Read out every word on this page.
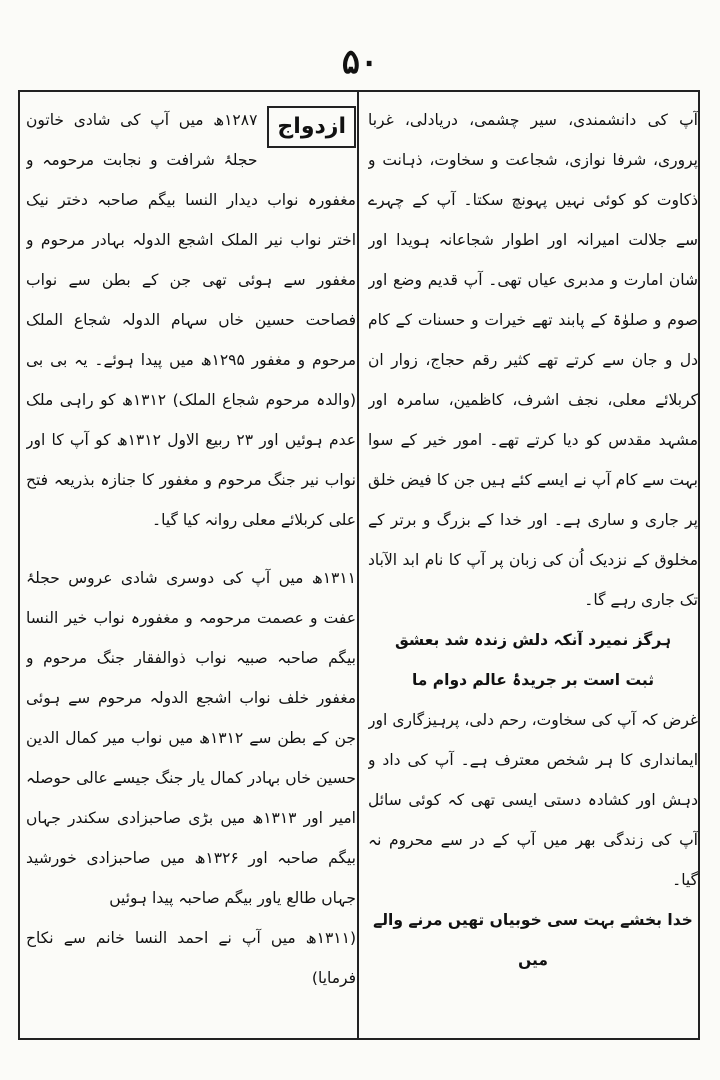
۵۰

آپ کی دانشمندی، سیر چشمی، دریادلی، غربا پروری، شرفا نوازی، شجاعت و سخاوت، ذہانت و ذکاوت کو کوئی نہیں پہونچ سکتا۔ آپ کے چہرے سے جلالت امیرانہ اور اطوار شجاعانہ ہویدا اور شان امارت و مدبری عیاں تھی۔ آپ قدیم وضع اور صوم و صلوٰۃ کے پابند تھے خیرات و حسنات کے کام دل و جان سے کرتے تھے کثیر رقم حجاج، زوار ان کربلائے معلی، نجف اشرف، کاظمین، سامرہ اور مشہد مقدس کو دیا کرتے تھے۔ امور خیر کے سوا بہت سے کام آپ نے ایسے کئے ہیں جن کا فیض خلق پر جاری و ساری ہے۔ اور خدا کے بزرگ و برتر کے مخلوق کے نزدیک اُن کی زبان پر آپ کا نام ابد الآباد تک جاری رہے گا۔

ہرگز نمیرد آنکہ دلش زندہ شد بعشق
ثبت است بر جریدۂ عالم دوام ما

غرض کہ آپ کی سخاوت، رحم دلی، پرہیزگاری اور ایمانداری کا ہر شخص معترف ہے۔ آپ کی داد و دہش اور کشادہ دستی ایسی تھی کہ کوئی سائل آپ کی زندگی بھر میں آپ کے در سے محروم نہ گیا۔

خدا بخشے بہت سی خوبیاں تھیں مرنے والے میں

ازدواج

۱۲۸۷ھ میں آپ کی شادی خاتون حجلۂ شرافت و نجابت مرحومہ و مغفورہ نواب دیدار النسا بیگم صاحبہ دختر نیک اختر نواب نیر الملک اشجع الدولہ بہادر مرحوم و مغفور سے ہوئی تھی جن کے بطن سے نواب فصاحت حسین خاں سہام الدولہ شجاع الملک مرحوم و مغفور ۱۲۹۵ھ میں پیدا ہوئے۔ یہ بی بی (والدہ مرحوم شجاع الملک) ۱۳۱۲ھ کو راہی ملک عدم ہوئیں اور ۲۳ ربیع الاول ۱۳۱۲ھ کو آپ کا اور نواب نیر جنگ مرحوم و مغفور کا جنازہ بذریعہ فتح علی کربلائے معلی روانہ کیا گیا۔

۱۳۱۱ھ میں آپ کی دوسری شادی عروس حجلۂ عفت و عصمت مرحومہ و مغفورہ نواب خیر النسا بیگم صاحبہ صبیہ نواب ذوالفقار جنگ مرحوم و مغفور خلف نواب اشجع الدولہ مرحوم سے ہوئی جن کے بطن سے ۱۳۱۲ھ میں نواب میر کمال الدین حسین خاں بہادر کمال یار جنگ جیسے عالی حوصلہ امیر اور ۱۳۱۳ھ میں بڑی صاحبزادی سکندر جہاں بیگم صاحبہ اور ۱۳۲۶ھ میں صاحبزادی خورشید جہاں طالع یاور بیگم صاحبہ پیدا ہوئیں

(۱۳۱۱ھ میں آپ نے احمد النسا خانم سے نکاح فرمایا)
